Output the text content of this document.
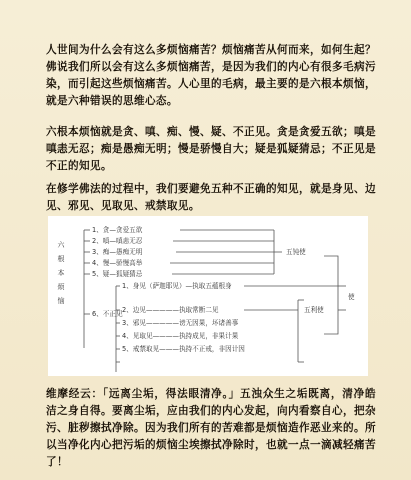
人世间为什么会有这么多烦恼痛苦？烦恼痛苦从何而来，如何生起？佛说我们所以会有这么多烦恼痛苦，是因为我们的内心有很多毛病污染，而引起这些烦恼痛苦。人心里的毛病，最主要的是六根本烦恼，就是六种错误的思维心态。
六根本烦恼就是贪、嗔、痴、慢、疑、不正见。贪是贪爱五欲；嗔是嗔恚无忍；痴是愚痴无明；慢是骄慢自大；疑是狐疑猜忌；不正见是不正的知见。
在修学佛法的过程中，我们要避免五种不正确的知见，就是身见、边见、邪见、见取见、戒禁取见。
六
根
本
烦
恼
1、贪—贪爱五欲
2、嗔—嗔恚无忍
3、痴—愚痴无明
4、慢—骄慢高举
5、疑—狐疑猜忌
6、不正见
1、身见（萨迦耶见）—执取五蕴根身
2、边见—————执取常断二见
3、邪见—————谤无因果，坏诸善事
4、见取见————执持成见，非果计果
5、戒禁取见———执持不正戒，非因计因
五钝使
五利使
使
维摩经云：「远离尘垢，得法眼清净。」五浊众生之垢既离，清净皓洁之身自得。要离尘垢，应由我们的内心发起，向内看察自心，把杂污、脏秽擦拭净除。因为我们所有的苦难都是烦恼造作恶业来的。所以当净化内心把污垢的烦恼尘埃擦拭净除时，也就一点一滴减轻痛苦了！
